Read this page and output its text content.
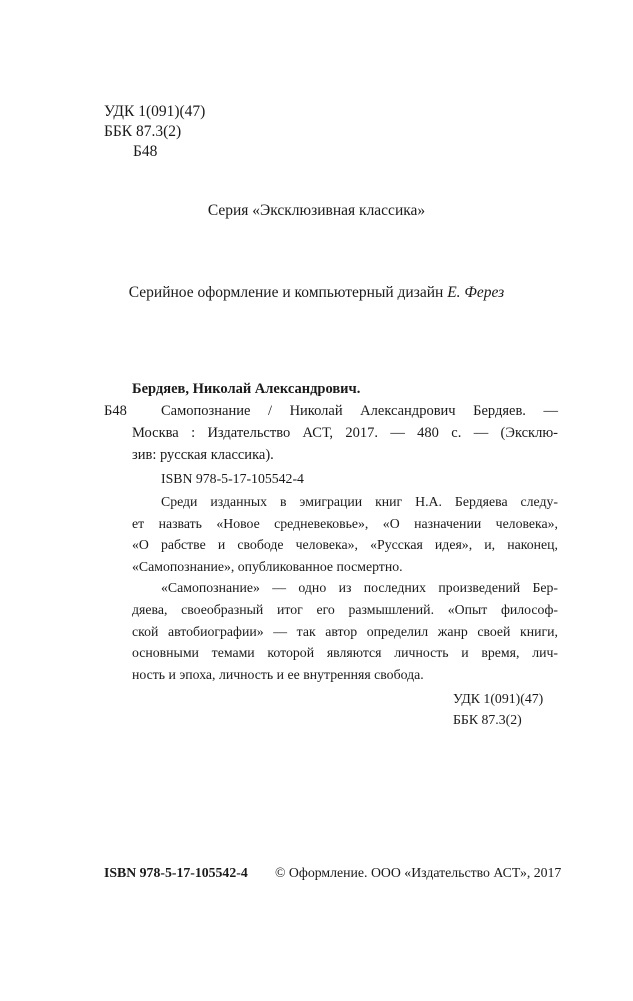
УДК 1(091)(47)
ББК 87.3(2)
Б48
Серия «Эксклюзивная классика»
Серийное оформление и компьютерный дизайн Е. Ферез
Бердяев, Николай Александрович.
Б48 Самопознание / Николай Александрович Бердяев. —
Москва : Издательство АСТ, 2017. — 480 с. — (Эксклю-
зив: русская классика).
ISBN 978-5-17-105542-4
Среди изданных в эмиграции книг Н.А. Бердяева следу-
ет назвать «Новое средневековье», «О назначении человека»,
«О рабстве и свободе человека», «Русская идея», и, наконец,
«Самопознание», опубликованное посмертно.
«Самопознание» — одно из последних произведений Бер-
дяева, своеобразный итог его размышлений. «Опыт философ-
ской автобиографии» — так автор определил жанр своей книги,
основными темами которой являются личность и время, лич-
ность и эпоха, личность и ее внутренняя свобода.
УДК 1(091)(47)
ББК 87.3(2)
ISBN 978-5-17-105542-4 © Оформление. ООО «Издательство АСТ», 2017
